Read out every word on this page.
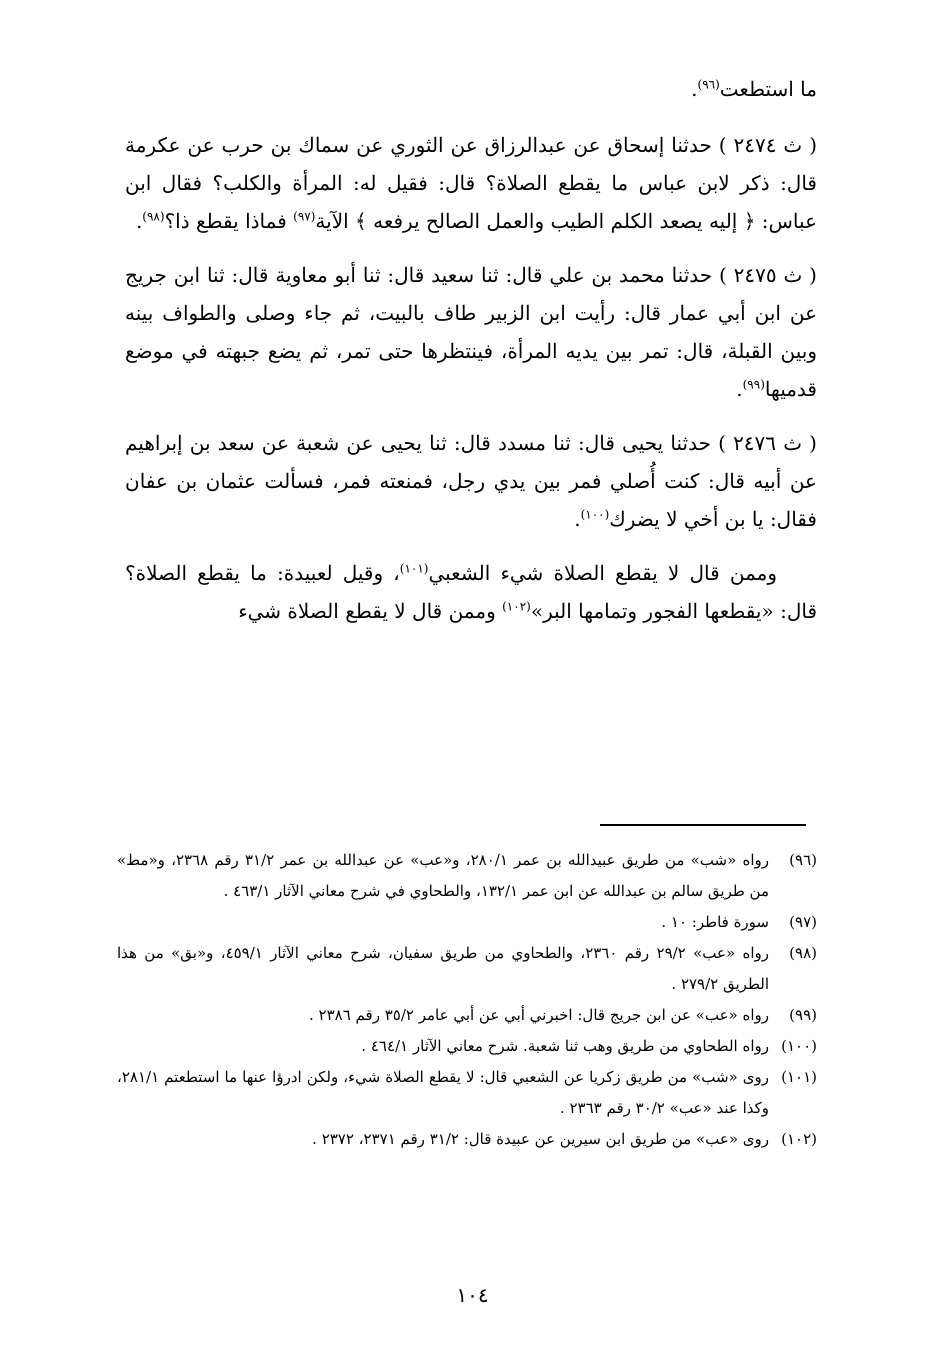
ما استطعت$^{(٩٦)}$.

( ث ٢٤٧٤ ) حدثنا إسحاق عن عبدالرزاق عن الثوري عن سماك بن حرب عن عكرمة قال: ذكر لابن عباس ما يقطع الصلاة؟ قال: فقيل له: المرأة والكلب؟ فقال ابن عباس: ﴿ إليه يصعد الكلم الطيب والعمل الصالح يرفعه ﴾ الآية$^{(٩٧)}$ فماذا يقطع ذا؟$^{(٩٨)}$.

( ث ٢٤٧٥ ) حدثنا محمد بن علي قال: ثنا سعيد قال: ثنا أبو معاوية قال: ثنا ابن جريج عن ابن أبي عمار قال: رأيت ابن الزبير طاف بالبيت، ثم جاء وصلى والطواف بينه وبين القبلة، قال: تمر بين يديه المرأة، فينتظرها حتى تمر، ثم يضع جبهته في موضع قدميها$^{(٩٩)}$.

( ث ٢٤٧٦ ) حدثنا يحيى قال: ثنا مسدد قال: ثنا يحيى عن شعبة عن سعد بن إبراهيم عن أبيه قال: كنت أُصلي فمر بين يدي رجل، فمنعته فمر، فسألت عثمان بن عفان فقال: يا بن أخي لا يضرك$^{(١٠٠)}$.

وممن قال لا يقطع الصلاة شيء الشعبي$^{(١٠١)}$، وقيل لعبيدة: ما يقطع الصلاة؟ قال: «يقطعها الفجور وتمامها البر»$^{(١٠٢)}$ وممن قال لا يقطع الصلاة شيء

(٩٦)
رواه «شب» من طريق عبيدالله بن عمر ٢٨٠/١، و«عب» عن عبدالله بن عمر ٣١/٢ رقم ٢٣٦٨، و«مط» من طريق سالم بن عبدالله عن ابن عمر ١٣٢/١، والطحاوي في شرح معاني الآثار ٤٦٣/١ .
(٩٧)
سورة فاطر: ١٠ .
(٩٨)
رواه «عب» ٢٩/٢ رقم ٢٣٦٠، والطحاوي من طريق سفيان، شرح معاني الآثار ٤٥٩/١، و«بق» من هذا الطريق ٢٧٩/٢ .
(٩٩)
رواه «عب» عن ابن جريج قال: اخبرني أبي عن أبي عامر ٣٥/٢ رقم ٢٣٨٦ .
(١٠٠)
رواه الطحاوي من طريق وهب ثنا شعبة. شرح معاني الآثار ٤٦٤/١ .
(١٠١)
روى «شب» من طريق زكريا عن الشعبي قال: لا يقطع الصلاة شيء، ولكن ادرؤا عنها ما استطعتم ٢٨١/١، وكذا عند «عب» ٣٠/٢ رقم ٢٣٦٣ .
(١٠٢)
روى «عب» من طريق ابن سيرين عن عبيدة قال: ٣١/٢ رقم ٢٣٧١، ٢٣٧٢ .
١٠٤
